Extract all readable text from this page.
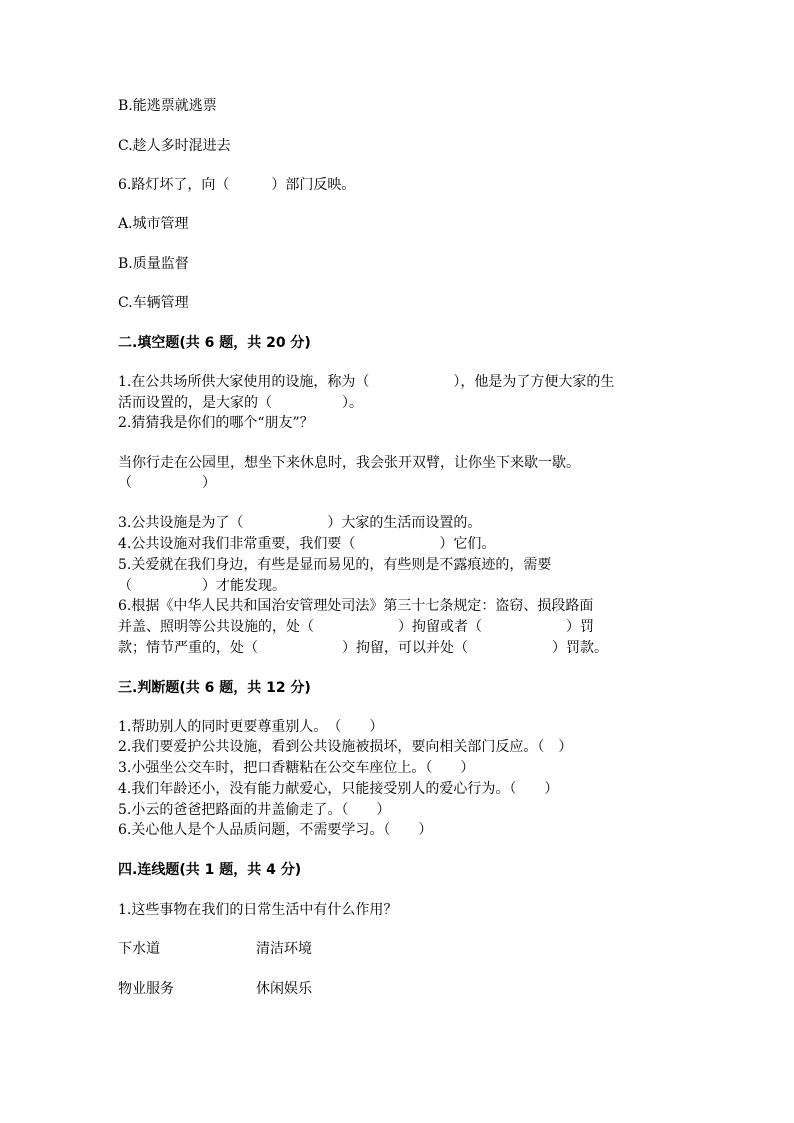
B.能逃票就逃票
C.趁人多时混进去
6.路灯坏了，向（　　　）部门反映。
A.城市管理
B.质量监督
C.车辆管理
二.填空题(共 6 题，共 20 分)
1.在公共场所供大家使用的设施，称为（　　　　　　），他是为了方便大家的生
活而设置的，是大家的（　　　　　）。
2.猜猜我是你们的哪个“朋友”？
当你行走在公园里，想坐下来休息时，我会张开双臂，让你坐下来歇一歇。
（　　　　　）
3.公共设施是为了（　　　　　　）大家的生活而设置的。
4.公共设施对我们非常重要，我们要（　　　　　　）它们。
5.关爱就在我们身边，有些是显而易见的，有些则是不露痕迹的，需要
（　　　　　）才能发现。
6.根据《中华人民共和国治安管理处司法》第三十七条规定：盗窃、损段路面
并盖、照明等公共设施的，处（　　　　　　）拘留或者（　　　　　　）罚
款；情节严重的，处（　　　　　　）拘留，可以并处（　　　　　　）罚款。
三.判断题(共 6 题，共 12 分)
1.帮助别人的同时更要尊重别人。　（　　）
2.我们要爱护公共设施，看到公共设施被损坏，要向相关部门反应。（　）
3.小强坐公交车时，把口香糖粘在公交车座位上。（　　）
4.我们年龄还小，没有能力献爱心，只能接受别人的爱心行为。（　　）
5.小云的爸爸把路面的井盖偷走了。（　　）
6.关心他人是个人品质问题，不需要学习。（　　）
四.连线题(共 1 题，共 4 分)
1.这些事物在我们的日常生活中有什么作用？
下水道	清洁环境
物业服务	休闲娱乐
